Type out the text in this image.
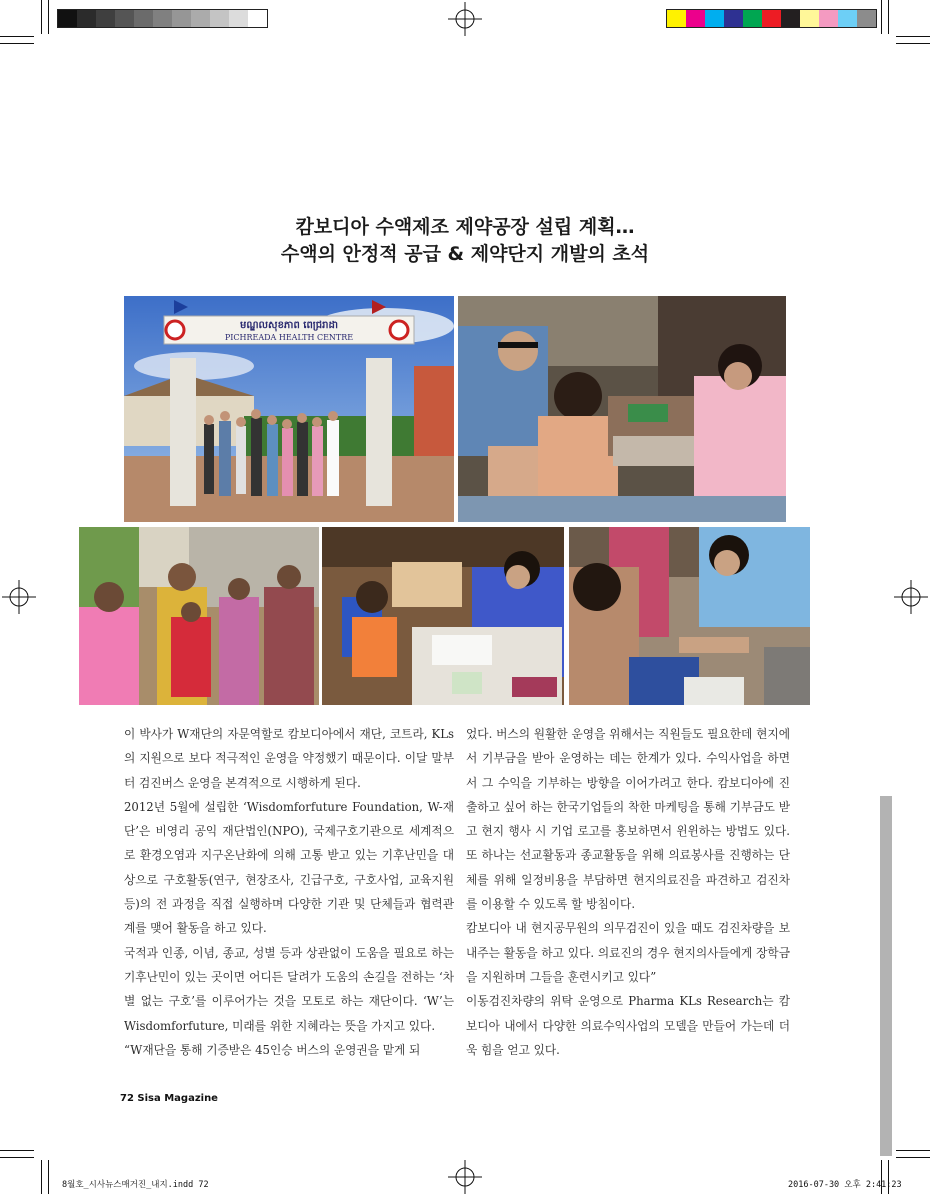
캄보디아 수액제조 제약공장 설립 계획…
수액의 안정적 공급 & 제약단지 개발의 초석
មណ្ឌលសុខភាព ពេជ្ររាដា
PICHREADA HEALTH CENTRE

이 박사가 W재단의 자문역할로 캄보디아에서 재단, 코트라, KLs의 지원으로 보다 적극적인 운영을 약정했기 때문이다. 이달 말부터 검진버스 운영을 본격적으로 시행하게 된다.

2012년 5월에 설립한 ‘Wisdomforfuture Foundation, W-재단’은 비영리 공익 재단법인(NPO), 국제구호기관으로 세계적으로 환경오염과 지구온난화에 의해 고통 받고 있는 기후난민을 대상으로 구호활동(연구, 현장조사, 긴급구호, 구호사업, 교육지원 등)의 전 과정을 직접 실행하며 다양한 기관 및 단체들과 협력관계를 맺어 활동을 하고 있다.

국적과 인종, 이념, 종교, 성별 등과 상관없이 도움을 필요로 하는 기후난민이 있는 곳이면 어디든 달려가 도움의 손길을 전하는 ‘차별 없는 구호’를 이루어가는 것을 모토로 하는 재단이다. ‘W’는 Wisdomforfuture, 미래를 위한 지혜라는 뜻을 가지고 있다.

“W재단을 통해 기증받은 45인승 버스의 운영권을 맡게 되

었다. 버스의 원활한 운영을 위해서는 직원들도 필요한데 현지에서 기부금을 받아 운영하는 데는 한계가 있다. 수익사업을 하면서 그 수익을 기부하는 방향을 이어가려고 한다. 캄보디아에 진출하고 싶어 하는 한국기업들의 착한 마케팅을 통해 기부금도 받고 현지 행사 시 기업 로고를 홍보하면서 윈윈하는 방법도 있다. 또 하나는 선교활동과 종교활동을 위해 의료봉사를 진행하는 단체를 위해 일정비용을 부담하면 현지의료진을 파견하고 검진차를 이용할 수 있도록 할 방침이다.

캄보디아 내 현지공무원의 의무검진이 있을 때도 검진차량을 보내주는 활동을 하고 있다. 의료진의 경우 현지의사들에게 장학금을 지원하며 그들을 훈련시키고 있다”

이동검진차량의 위탁 운영으로 Pharma KLs Research는 캄보디아 내에서 다양한 의료수익사업의 모델을 만들어 가는데 더욱 힘을 얻고 있다.

72 Sisa Magazine
8월호_시사뉴스매거진_내지.indd 72	2016-07-30 오후 2:41:23
